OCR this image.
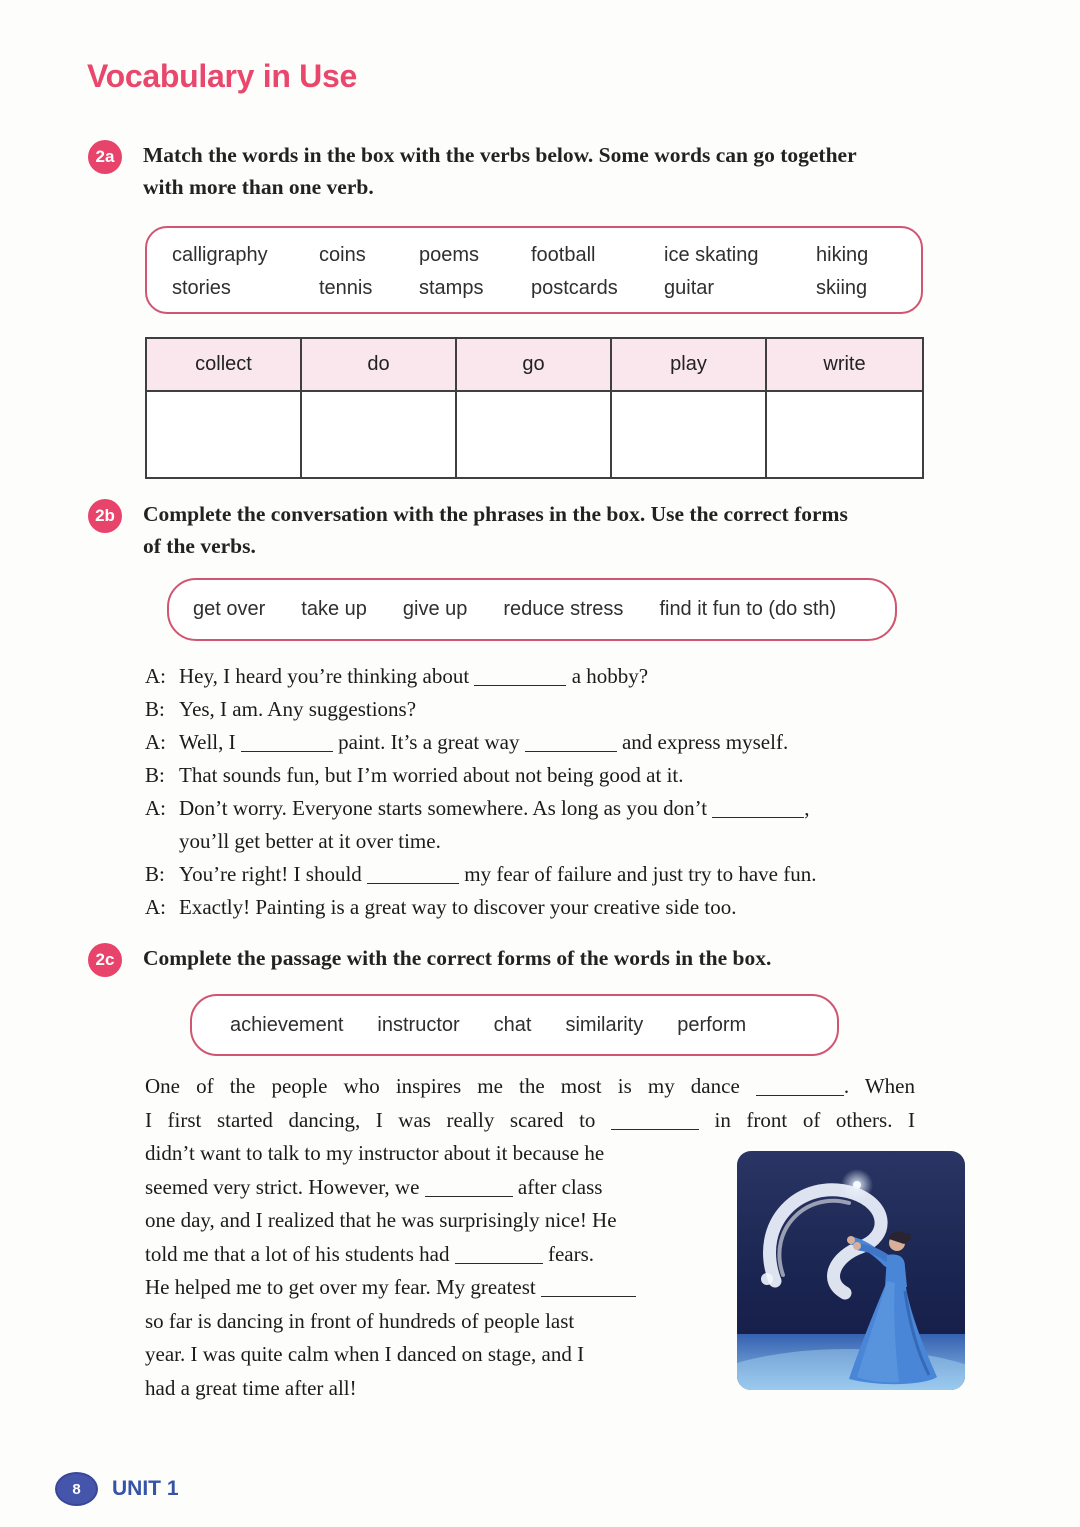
Vocabulary in Use
2a	Match the words in the box with the verbs below. Some words can go together
with more than one verb.
calligraphy	coins	poems	football	ice skating	hiking
stories	tennis	stamps	postcards	guitar	skiing
collect	do	go	play	write
2b	Complete the conversation with the phrases in the box. Use the correct forms
of the verbs.
get over take up give up reduce stress find it fun to (do sth)
A: Hey, I heard you’re thinking about	a hobby?
B: Yes, I am. Any suggestions?
A: Well, I	paint. It’s a great way	and express myself.
B: That sounds fun, but I’m worried about not being good at it.
A: Don’t worry. Everyone starts somewhere. As long as you don’t	,
you’ll get better at it over time.
B: You’re right! I should	my fear of failure and just try to have fun.
A: Exactly! Painting is a great way to discover your creative side too.
2c	Complete the passage with the correct forms of the words in the box.
achievement instructor chat similarity perform
One of the people who inspires me the most is my dance	. When
I first started dancing, I was really scared to	in front of others. I
didn’t want to talk to my instructor about it because he
seemed very strict. However, we	after class
one day, and I realized that he was surprisingly nice! He
told me that a lot of his students had	fears.
He helped me to get over my fear. My greatest
so far is dancing in front of hundreds of people last
year. I was quite calm when I danced on stage, and I
had a great time after all!
8	UNIT 1
